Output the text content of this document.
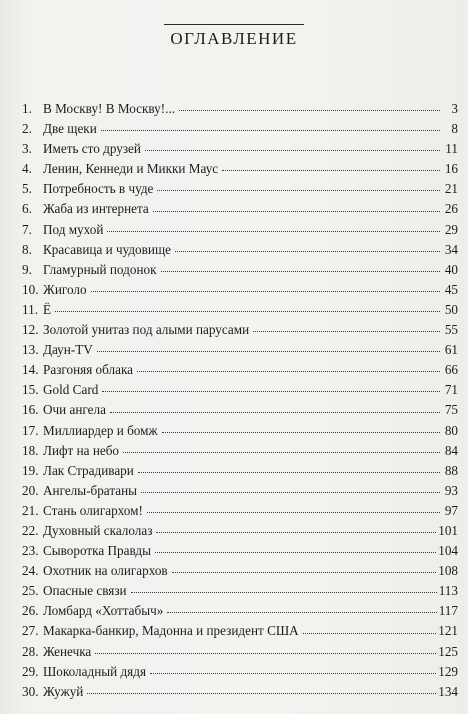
ОГЛАВЛЕНИЕ
1. В Москву! В Москву!...	3
2. Две щеки	8
3. Иметь сто друзей	11
4. Ленин, Кеннеди и Микки Маус	16
5. Потребность в чуде	21
6. Жаба из интернета	26
7. Под мухой	29
8. Красавица и чудовище	34
9. Гламурный подонок	40
10. Жиголо	45
11. Ё	50
12. Золотой унитаз под алыми парусами	55
13. Даун-TV	61
14. Разгоняя облака	66
15. Gold Card	71
16. Очи ангела	75
17. Миллиардер и бомж	80
18. Лифт на небо	84
19. Лак Страдивари	88
20. Ангелы-братаны	93
21. Стань олигархом!	97
22. Духовный скалолаз	101
23. Сыворотка Правды	104
24. Охотник на олигархов	108
25. Опасные связи	113
26. Ломбард «Хоттабыч»	117
27. Макарка-банкир, Мадонна и президент США	121
28. Женечка	125
29. Шоколадный дядя	129
30. Жужуй	134
